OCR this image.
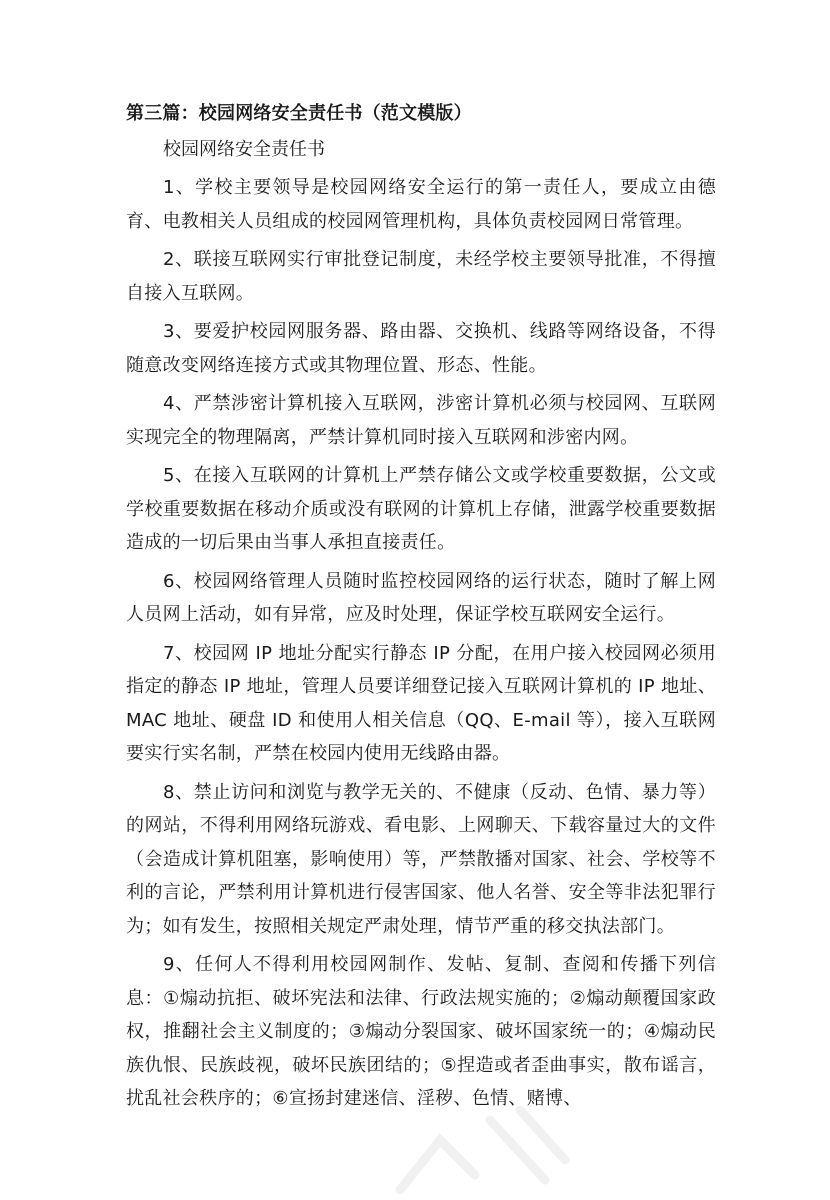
第三篇：校园网络安全责任书（范文模版）

校园网络安全责任书

1、学校主要领导是校园网络安全运行的第一责任人，要成立由德育、电教相关人员组成的校园网管理机构，具体负责校园网日常管理。

2、联接互联网实行审批登记制度，未经学校主要领导批准，不得擅自接入互联网。

3、要爱护校园网服务器、路由器、交换机、线路等网络设备，不得随意改变网络连接方式或其物理位置、形态、性能。

4、严禁涉密计算机接入互联网，涉密计算机必须与校园网、互联网实现完全的物理隔离，严禁计算机同时接入互联网和涉密内网。

5、在接入互联网的计算机上严禁存储公文或学校重要数据，公文或学校重要数据在移动介质或没有联网的计算机上存储，泄露学校重要数据造成的一切后果由当事人承担直接责任。

6、校园网络管理人员随时监控校园网络的运行状态，随时了解上网人员网上活动，如有异常，应及时处理，保证学校互联网安全运行。

7、校园网 IP 地址分配实行静态 IP 分配，在用户接入校园网必须用指定的静态 IP 地址，管理人员要详细登记接入互联网计算机的 IP 地址、MAC 地址、硬盘 ID 和使用人相关信息（QQ、E-mail 等），接入互联网要实行实名制，严禁在校园内使用无线路由器。

8、禁止访问和浏览与教学无关的、不健康（反动、色情、暴力等）的网站，不得利用网络玩游戏、看电影、上网聊天、下载容量过大的文件（会造成计算机阻塞，影响使用）等，严禁散播对国家、社会、学校等不利的言论，严禁利用计算机进行侵害国家、他人名誉、安全等非法犯罪行为；如有发生，按照相关规定严肃处理，情节严重的移交执法部门。

9、任何人不得利用校园网制作、发帖、复制、查阅和传播下列信息：①煽动抗拒、破坏宪法和法律、行政法规实施的；②煽动颠覆国家政权，推翻社会主义制度的；③煽动分裂国家、破坏国家统一的；④煽动民族仇恨、民族歧视，破坏民族团结的；⑤捏造或者歪曲事实，散布谣言，扰乱社会秩序的；⑥宣扬封建迷信、淫秽、色情、赌博、
